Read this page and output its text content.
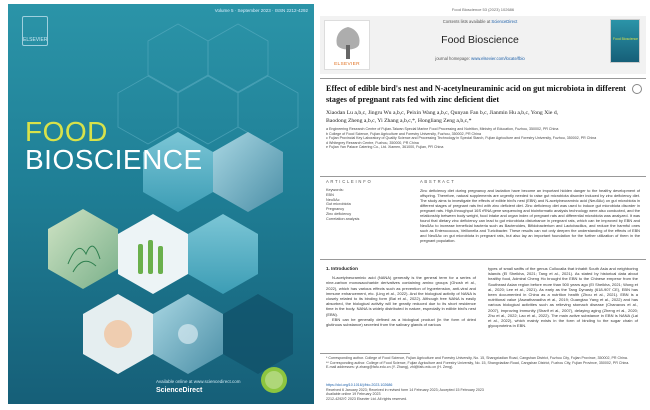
ELSEVIER
Volume 5 · September 2023 · ISSN 2212-4292
FOOD
BIOSCIENCE
Available online at www.sciencedirect.com
ScienceDirect
Food Bioscience 53 (2023) 102686
ELSEVIER
Contents lists available at ScienceDirect
Food Bioscience
journal homepage: www.elsevier.com/locate/fbio
Food Bioscience
Effect of edible bird's nest and N-acetylneuraminic acid on gut microbiota in different stages of pregnant rats fed with zinc deficient diet
Xiaodan Lu a,b,c, Jingru Wu a,b,c, Peixin Wang a,b,c, Qunyan Fan b,c, Jianmin Hu a,b,c, Yong Xie d,
Baodong Zheng a,b,c, Yi Zhang a,b,c,*, Hongliang Zeng a,b,c,*
a Engineering Research Centre of Fujian-Taiwan Special Marine Food Processing and Nutrition, Ministry of Education, Fuzhou, 350002, PR China
b College of Food Science, Fujian Agriculture and Forestry University, Fuzhou, 350002, PR China
c Fujian Provincial Key Laboratory of Quality Science and Processing Technology in Special Starch, Fujian Agriculture and Forestry University, Fuzhou, 350002, PR China
d Whitegrey Research Centre, Fuzhou, 350000, PR China
e Fujian Yan Palace Catering Co., Ltd. Xiamen, 361000, Fujian, PR China
A R T I C L E I N F O	A B S T R A C T
Keywords:
EBN
Neu5Ac
Gut microbiota
Pregnancy
Zinc deficiency
Correlation analysis
Zinc deficiency diet during pregnancy and lactation have become an important hidden danger to the healthy development of offspring. Therefore, natural supplements are urgently needed to raise gut microbiota disorder induced by zinc deficiency diet. The study aims to investigate the effects of edible bird's nest (EBN) and N-acetylneuraminic acid (Neu5Ac) on gut microbiota in different stages of pregnant rats fed with zinc deficient diet. Zinc deficiency diet was used to induce gut microbiota disorder in pregnant rats. High-throughput 16S rRNA gene sequencing and bioinformatic analysis technology were also conducted, and the relationship between body weight, food intake and organ index of pregnant rats and differential microbiota was analyzed. It was found that dietary zinc deficiency can lead to gut microbiota disturbance in pregnant rats, which can be improved by EBN and Neu5Ac to increase beneficial bacteria such as Bacteroides, Bifidobacterium and Lactobacillus, and reduce the harmful ones such as Enterococcus, Veillonella and Turicibacter. These results can not only deepen the understanding of the effects of EBN and Neu5Ac on gut microbiota in pregnant rats, but also lay an important foundation for the further utilization of them in the pregnant population.
1. Introduction
N-acetylneuraminic acid (NANA) generally is the general term for a series of nine-carbon monosaccharide derivatives containing amino groups (Ghosh et al., 2022), which has various effects such as prevention of hypertension, anti-viral and immune enhancement, etc. (Ling et al., 2022). And the biological activity of NANA is closely related to its binding form (Bai et al., 2022). Although free NANA is easily absorbed, the biological activity will be greatly reduced due to its short residence time in the body. NANA is widely distributed in nature, especially in edible bird's nest (EBN).
EBN can be generally defined as a biological product (in the form of dried glutinous substance) secreted from the salivary glands of various
types of small swifts of the genus Collocalia that inhabit South Asia and neighboring islands (El Sheikha, 2021; Tang et al., 2021). As stated by historical data about healthy food, Admiral Cheng Ho brought the EBN to the Chinese emperor from the Southeast Asian region before more than 500 years ago (El Sheikha, 2021; Wong et al., 2020; Lee et al., 2021). As early as the Tang Dynasty (618-907 CE), EBN has been documented in China as a nutrition health (Zhou et al., 2021). EBN is a nutritional value (Aswathanadha et al., 2019; Guangtao Yang et al., 2022) and has various biological activities such as relieving stomach disease (Chanavos et al., 2007), improving immunity (Sharif et al., 2007), delaying aging (Zheng et al., 2020; Zhu et al., 2022; Lao et al., 2022). The main active substance in EBN is NANA (Lai et al., 2022), which mainly exists in the form of binding to the sugar chain of glycoproteins in EBN.
* Corresponding author. College of Food Science, Fujian Agriculture and Forestry University, No. 15, Shangxiadian Road, Cangshan District, Fuzhou City, Fujian Province, 350002, PR China.
** Corresponding author. College of Food Science, Fujian Agriculture and Forestry University, No. 15, Shangxiadian Road, Cangshan District, Fuzhou City, Fujian Province, 350002, PR China.
E-mail addresses: yi.zhang@fafu.edu.cn (Y. Zhang), zhl@fafu.edu.cn (H. Zeng).
https://doi.org/10.1016/j.fbio.2023.102686
Received 6 January 2023; Received in revised form 14 February 2023; Accepted 15 February 2023
Available online 19 February 2023
2212-4292/© 2023 Elsevier Ltd. All rights reserved.
